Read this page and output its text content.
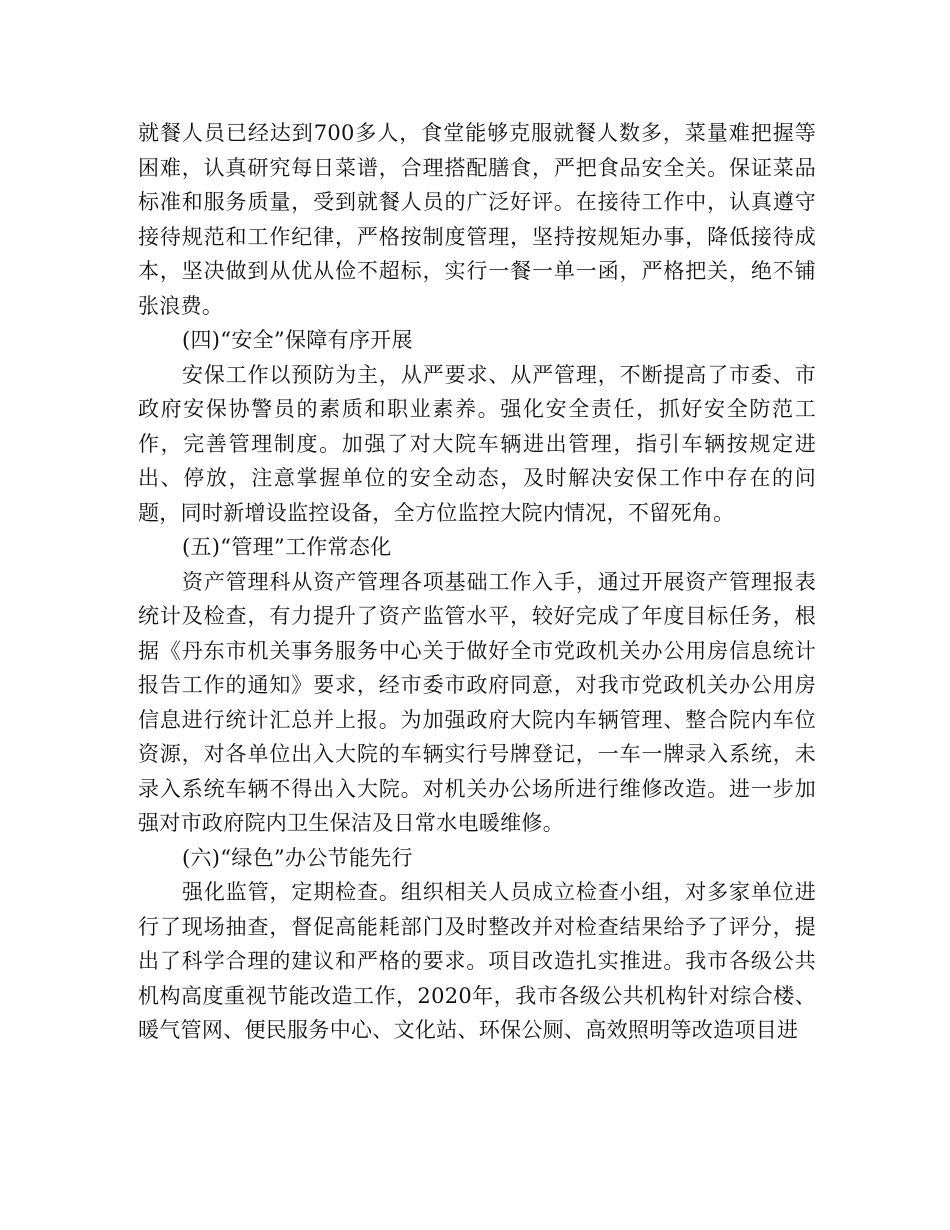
就餐人员已经达到700多人，食堂能够克服就餐人数多，菜量难把握等困难，认真研究每日菜谱，合理搭配膳食，严把食品安全关。保证菜品标准和服务质量，受到就餐人员的广泛好评。在接待工作中，认真遵守接待规范和工作纪律，严格按制度管理，坚持按规矩办事，降低接待成本，坚决做到从优从俭不超标，实行一餐一单一函，严格把关，绝不铺张浪费。

(四)“安全”保障有序开展

安保工作以预防为主，从严要求、从严管理，不断提高了市委、市政府安保协警员的素质和职业素养。强化安全责任，抓好安全防范工作，完善管理制度。加强了对大院车辆进出管理，指引车辆按规定进出、停放，注意掌握单位的安全动态，及时解决安保工作中存在的问题，同时新增设监控设备，全方位监控大院内情况，不留死角。

(五)“管理”工作常态化

资产管理科从资产管理各项基础工作入手，通过开展资产管理报表统计及检查，有力提升了资产监管水平，较好完成了年度目标任务，根据《丹东市机关事务服务中心关于做好全市党政机关办公用房信息统计报告工作的通知》要求，经市委市政府同意，对我市党政机关办公用房信息进行统计汇总并上报。为加强政府大院内车辆管理、整合院内车位资源，对各单位出入大院的车辆实行号牌登记，一车一牌录入系统，未录入系统车辆不得出入大院。对机关办公场所进行维修改造。进一步加强对市政府院内卫生保洁及日常水电暖维修。

(六)“绿色”办公节能先行

强化监管，定期检查。组织相关人员成立检查小组，对多家单位进行了现场抽查，督促高能耗部门及时整改并对检查结果给予了评分，提出了科学合理的建议和严格的要求。项目改造扎实推进。我市各级公共机构高度重视节能改造工作，2020年，我市各级公共机构针对综合楼、暖气管网、便民服务中心、文化站、环保公厕、高效照明等改造项目进
